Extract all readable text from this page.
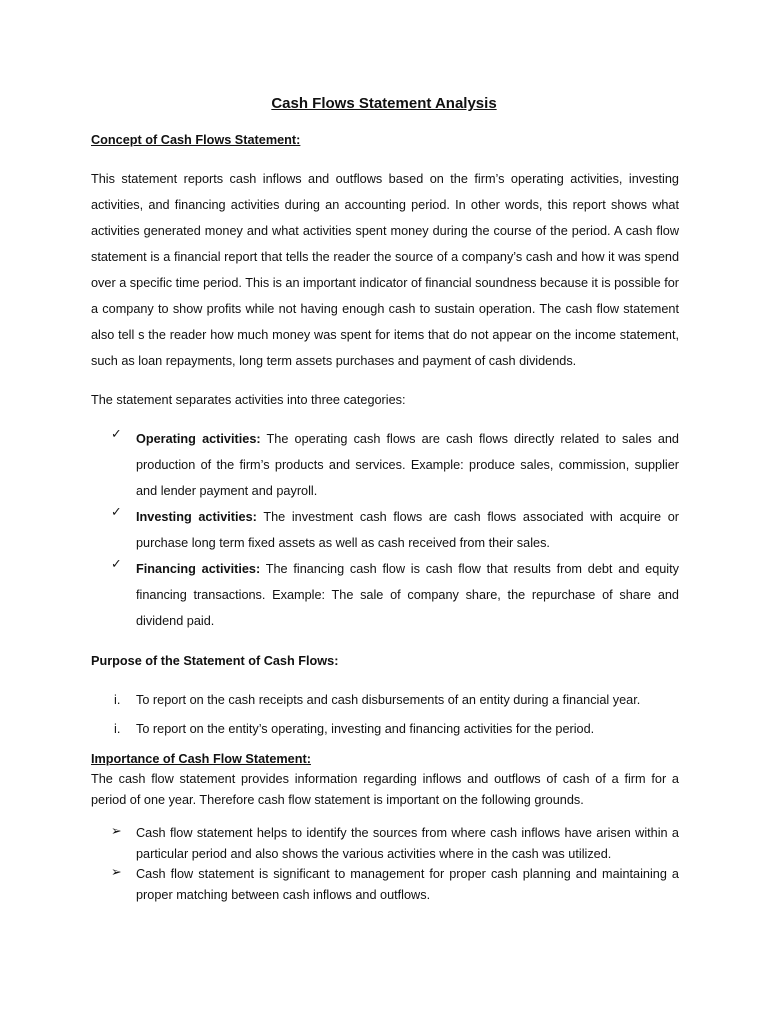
Cash Flows Statement Analysis
Concept of Cash Flows Statement:
This statement reports cash inflows and outflows based on the firm’s operating activities, investing activities, and financing activities during an accounting period. In other words, this report shows what activities generated money and what activities spent money during the course of the period. A cash flow statement is a financial report that tells the reader the source of a company’s cash and how it was spend over a specific time period. This is an important indicator of financial soundness because it is possible for a company to show profits while not having enough cash to sustain operation. The cash flow statement also tell s the reader how much money was spent for items that do not appear on the income statement, such as loan repayments, long term assets purchases and payment of cash dividends.
The statement separates activities into three categories:
✓ Operating activities: The operating cash flows are cash flows directly related to sales and production of the firm’s products and services. Example: produce sales, commission, supplier and lender payment and payroll.
✓ Investing activities: The investment cash flows are cash flows associated with acquire or purchase long term fixed assets as well as cash received from their sales.
✓ Financing activities: The financing cash flow is cash flow that results from debt and equity financing transactions. Example: The sale of company share, the repurchase of share and dividend paid.
Purpose of the Statement of Cash Flows:
i. To report on the cash receipts and cash disbursements of an entity during a financial year.
i. To report on the entity’s operating, investing and financing activities for the period.
Importance of Cash Flow Statement:
The cash flow statement provides information regarding inflows and outflows of cash of a firm for a period of one year. Therefore cash flow statement is important on the following grounds.
➢ Cash flow statement helps to identify the sources from where cash inflows have arisen within a particular period and also shows the various activities where in the cash was utilized.
➢ Cash flow statement is significant to management for proper cash planning and maintaining a proper matching between cash inflows and outflows.
